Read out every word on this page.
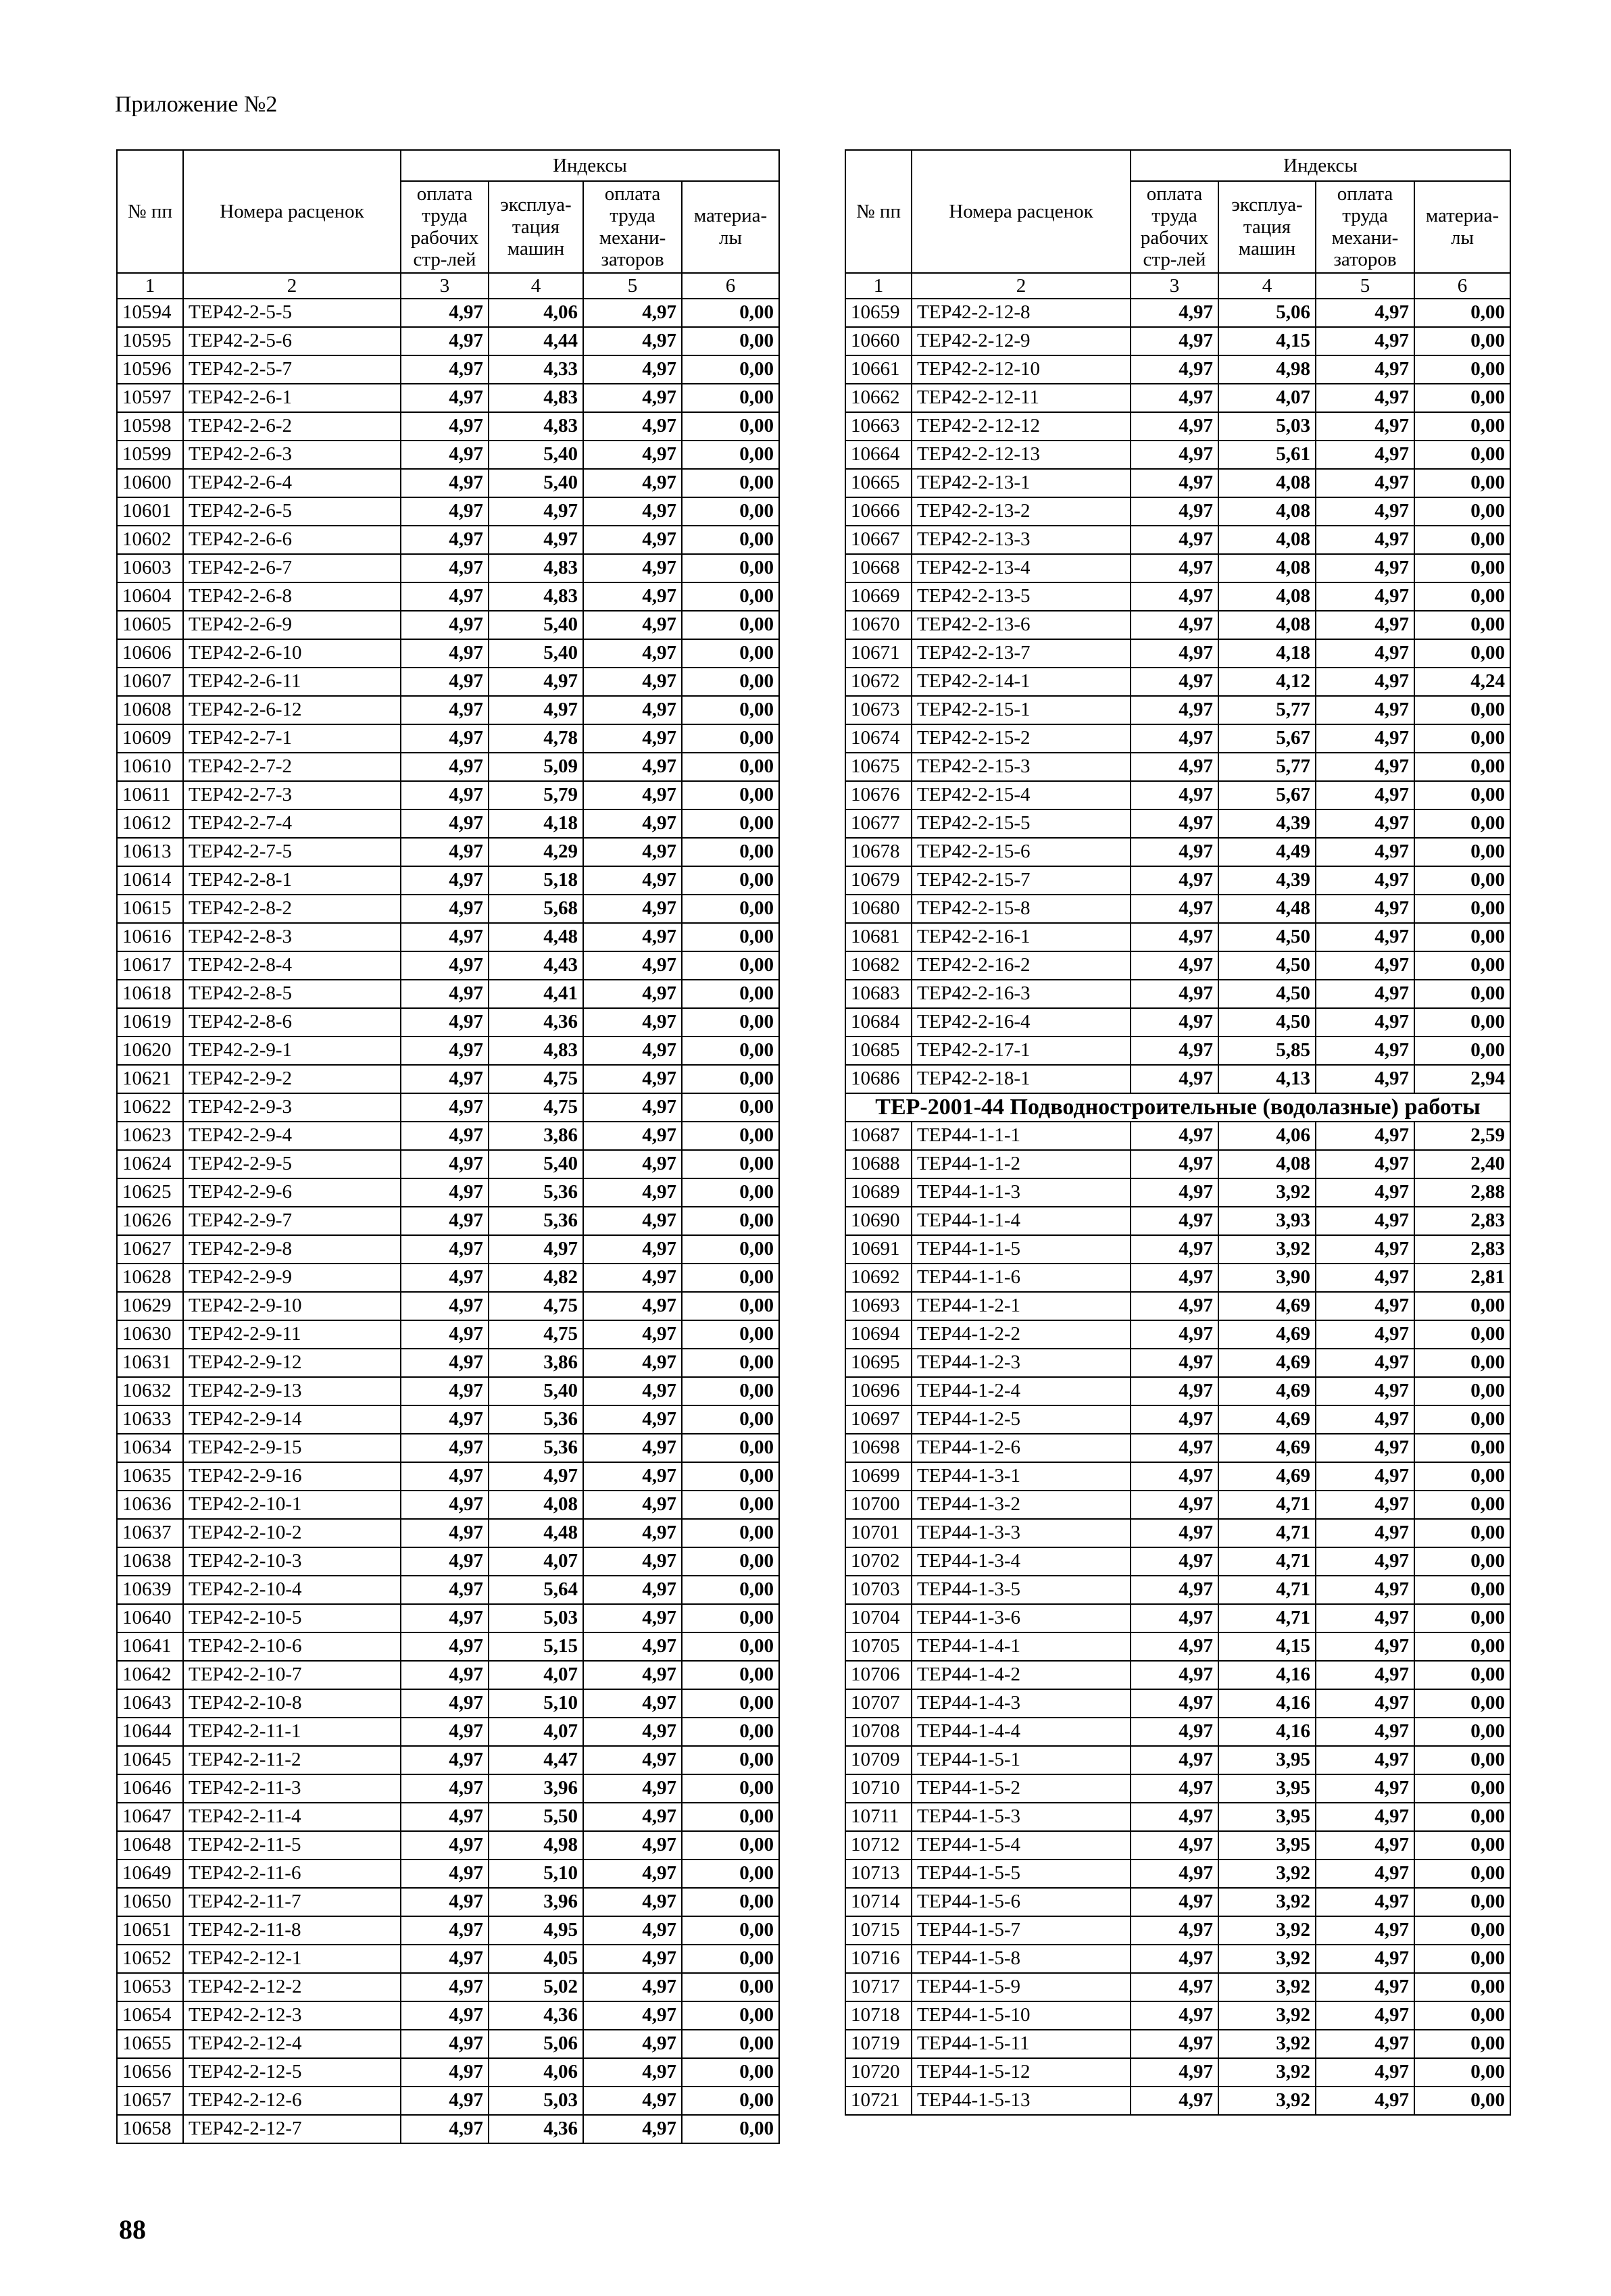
Приложение №2
№ пп	Номера расценок	Индексы			
		оплата труда рабочих стр-лей	эксплуа- тация машин	оплата труда механи- заторов	материа- лы
1	2	3	4	5	6
10594	ТЕР42-2-5-5	4,97	4,06	4,97	0,00
10595	ТЕР42-2-5-6	4,97	4,44	4,97	0,00
10596	ТЕР42-2-5-7	4,97	4,33	4,97	0,00
10597	ТЕР42-2-6-1	4,97	4,83	4,97	0,00
10598	ТЕР42-2-6-2	4,97	4,83	4,97	0,00
10599	ТЕР42-2-6-3	4,97	5,40	4,97	0,00
10600	ТЕР42-2-6-4	4,97	5,40	4,97	0,00
10601	ТЕР42-2-6-5	4,97	4,97	4,97	0,00
10602	ТЕР42-2-6-6	4,97	4,97	4,97	0,00
10603	ТЕР42-2-6-7	4,97	4,83	4,97	0,00
10604	ТЕР42-2-6-8	4,97	4,83	4,97	0,00
10605	ТЕР42-2-6-9	4,97	5,40	4,97	0,00
10606	ТЕР42-2-6-10	4,97	5,40	4,97	0,00
10607	ТЕР42-2-6-11	4,97	4,97	4,97	0,00
10608	ТЕР42-2-6-12	4,97	4,97	4,97	0,00
10609	ТЕР42-2-7-1	4,97	4,78	4,97	0,00
10610	ТЕР42-2-7-2	4,97	5,09	4,97	0,00
10611	ТЕР42-2-7-3	4,97	5,79	4,97	0,00
10612	ТЕР42-2-7-4	4,97	4,18	4,97	0,00
10613	ТЕР42-2-7-5	4,97	4,29	4,97	0,00
10614	ТЕР42-2-8-1	4,97	5,18	4,97	0,00
10615	ТЕР42-2-8-2	4,97	5,68	4,97	0,00
10616	ТЕР42-2-8-3	4,97	4,48	4,97	0,00
10617	ТЕР42-2-8-4	4,97	4,43	4,97	0,00
10618	ТЕР42-2-8-5	4,97	4,41	4,97	0,00
10619	ТЕР42-2-8-6	4,97	4,36	4,97	0,00
10620	ТЕР42-2-9-1	4,97	4,83	4,97	0,00
10621	ТЕР42-2-9-2	4,97	4,75	4,97	0,00
10622	ТЕР42-2-9-3	4,97	4,75	4,97	0,00
10623	ТЕР42-2-9-4	4,97	3,86	4,97	0,00
10624	ТЕР42-2-9-5	4,97	5,40	4,97	0,00
10625	ТЕР42-2-9-6	4,97	5,36	4,97	0,00
10626	ТЕР42-2-9-7	4,97	5,36	4,97	0,00
10627	ТЕР42-2-9-8	4,97	4,97	4,97	0,00
10628	ТЕР42-2-9-9	4,97	4,82	4,97	0,00
10629	ТЕР42-2-9-10	4,97	4,75	4,97	0,00
10630	ТЕР42-2-9-11	4,97	4,75	4,97	0,00
10631	ТЕР42-2-9-12	4,97	3,86	4,97	0,00
10632	ТЕР42-2-9-13	4,97	5,40	4,97	0,00
10633	ТЕР42-2-9-14	4,97	5,36	4,97	0,00
10634	ТЕР42-2-9-15	4,97	5,36	4,97	0,00
10635	ТЕР42-2-9-16	4,97	4,97	4,97	0,00
10636	ТЕР42-2-10-1	4,97	4,08	4,97	0,00
10637	ТЕР42-2-10-2	4,97	4,48	4,97	0,00
10638	ТЕР42-2-10-3	4,97	4,07	4,97	0,00
10639	ТЕР42-2-10-4	4,97	5,64	4,97	0,00
10640	ТЕР42-2-10-5	4,97	5,03	4,97	0,00
10641	ТЕР42-2-10-6	4,97	5,15	4,97	0,00
10642	ТЕР42-2-10-7	4,97	4,07	4,97	0,00
10643	ТЕР42-2-10-8	4,97	5,10	4,97	0,00
10644	ТЕР42-2-11-1	4,97	4,07	4,97	0,00
10645	ТЕР42-2-11-2	4,97	4,47	4,97	0,00
10646	ТЕР42-2-11-3	4,97	3,96	4,97	0,00
10647	ТЕР42-2-11-4	4,97	5,50	4,97	0,00
10648	ТЕР42-2-11-5	4,97	4,98	4,97	0,00
10649	ТЕР42-2-11-6	4,97	5,10	4,97	0,00
10650	ТЕР42-2-11-7	4,97	3,96	4,97	0,00
10651	ТЕР42-2-11-8	4,97	4,95	4,97	0,00
10652	ТЕР42-2-12-1	4,97	4,05	4,97	0,00
10653	ТЕР42-2-12-2	4,97	5,02	4,97	0,00
10654	ТЕР42-2-12-3	4,97	4,36	4,97	0,00
10655	ТЕР42-2-12-4	4,97	5,06	4,97	0,00
10656	ТЕР42-2-12-5	4,97	4,06	4,97	0,00
10657	ТЕР42-2-12-6	4,97	5,03	4,97	0,00
10658	ТЕР42-2-12-7	4,97	4,36	4,97	0,00
№ пп	Номера расценок	Индексы			
		оплата труда рабочих стр-лей	эксплуа- тация машин	оплата труда механи- заторов	материа- лы
1	2	3	4	5	6
10659	ТЕР42-2-12-8	4,97	5,06	4,97	0,00
10660	ТЕР42-2-12-9	4,97	4,15	4,97	0,00
10661	ТЕР42-2-12-10	4,97	4,98	4,97	0,00
10662	ТЕР42-2-12-11	4,97	4,07	4,97	0,00
10663	ТЕР42-2-12-12	4,97	5,03	4,97	0,00
10664	ТЕР42-2-12-13	4,97	5,61	4,97	0,00
10665	ТЕР42-2-13-1	4,97	4,08	4,97	0,00
10666	ТЕР42-2-13-2	4,97	4,08	4,97	0,00
10667	ТЕР42-2-13-3	4,97	4,08	4,97	0,00
10668	ТЕР42-2-13-4	4,97	4,08	4,97	0,00
10669	ТЕР42-2-13-5	4,97	4,08	4,97	0,00
10670	ТЕР42-2-13-6	4,97	4,08	4,97	0,00
10671	ТЕР42-2-13-7	4,97	4,18	4,97	0,00
10672	ТЕР42-2-14-1	4,97	4,12	4,97	4,24
10673	ТЕР42-2-15-1	4,97	5,77	4,97	0,00
10674	ТЕР42-2-15-2	4,97	5,67	4,97	0,00
10675	ТЕР42-2-15-3	4,97	5,77	4,97	0,00
10676	ТЕР42-2-15-4	4,97	5,67	4,97	0,00
10677	ТЕР42-2-15-5	4,97	4,39	4,97	0,00
10678	ТЕР42-2-15-6	4,97	4,49	4,97	0,00
10679	ТЕР42-2-15-7	4,97	4,39	4,97	0,00
10680	ТЕР42-2-15-8	4,97	4,48	4,97	0,00
10681	ТЕР42-2-16-1	4,97	4,50	4,97	0,00
10682	ТЕР42-2-16-2	4,97	4,50	4,97	0,00
10683	ТЕР42-2-16-3	4,97	4,50	4,97	0,00
10684	ТЕР42-2-16-4	4,97	4,50	4,97	0,00
10685	ТЕР42-2-17-1	4,97	5,85	4,97	0,00
10686	ТЕР42-2-18-1	4,97	4,13	4,97	2,94
ТЕР-2001-44 Подводностроительные (водолазные) работы					
10687	ТЕР44-1-1-1	4,97	4,06	4,97	2,59
10688	ТЕР44-1-1-2	4,97	4,08	4,97	2,40
10689	ТЕР44-1-1-3	4,97	3,92	4,97	2,88
10690	ТЕР44-1-1-4	4,97	3,93	4,97	2,83
10691	ТЕР44-1-1-5	4,97	3,92	4,97	2,83
10692	ТЕР44-1-1-6	4,97	3,90	4,97	2,81
10693	ТЕР44-1-2-1	4,97	4,69	4,97	0,00
10694	ТЕР44-1-2-2	4,97	4,69	4,97	0,00
10695	ТЕР44-1-2-3	4,97	4,69	4,97	0,00
10696	ТЕР44-1-2-4	4,97	4,69	4,97	0,00
10697	ТЕР44-1-2-5	4,97	4,69	4,97	0,00
10698	ТЕР44-1-2-6	4,97	4,69	4,97	0,00
10699	ТЕР44-1-3-1	4,97	4,69	4,97	0,00
10700	ТЕР44-1-3-2	4,97	4,71	4,97	0,00
10701	ТЕР44-1-3-3	4,97	4,71	4,97	0,00
10702	ТЕР44-1-3-4	4,97	4,71	4,97	0,00
10703	ТЕР44-1-3-5	4,97	4,71	4,97	0,00
10704	ТЕР44-1-3-6	4,97	4,71	4,97	0,00
10705	ТЕР44-1-4-1	4,97	4,15	4,97	0,00
10706	ТЕР44-1-4-2	4,97	4,16	4,97	0,00
10707	ТЕР44-1-4-3	4,97	4,16	4,97	0,00
10708	ТЕР44-1-4-4	4,97	4,16	4,97	0,00
10709	ТЕР44-1-5-1	4,97	3,95	4,97	0,00
10710	ТЕР44-1-5-2	4,97	3,95	4,97	0,00
10711	ТЕР44-1-5-3	4,97	3,95	4,97	0,00
10712	ТЕР44-1-5-4	4,97	3,95	4,97	0,00
10713	ТЕР44-1-5-5	4,97	3,92	4,97	0,00
10714	ТЕР44-1-5-6	4,97	3,92	4,97	0,00
10715	ТЕР44-1-5-7	4,97	3,92	4,97	0,00
10716	ТЕР44-1-5-8	4,97	3,92	4,97	0,00
10717	ТЕР44-1-5-9	4,97	3,92	4,97	0,00
10718	ТЕР44-1-5-10	4,97	3,92	4,97	0,00
10719	ТЕР44-1-5-11	4,97	3,92	4,97	0,00
10720	ТЕР44-1-5-12	4,97	3,92	4,97	0,00
10721	ТЕР44-1-5-13	4,97	3,92	4,97	0,00
88
